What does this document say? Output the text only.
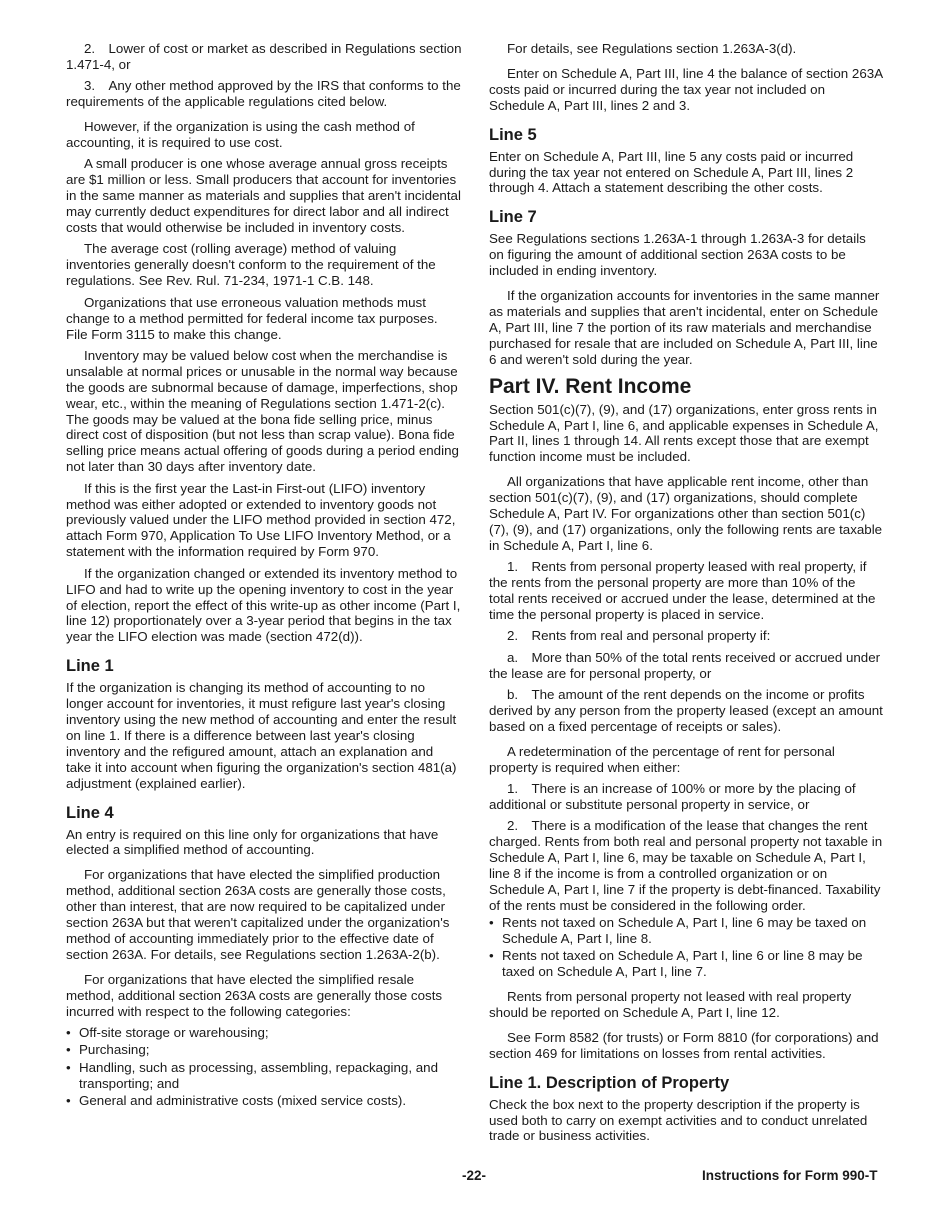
2. Lower of cost or market as described in Regulations section 1.471-4, or

3. Any other method approved by the IRS that conforms to the requirements of the applicable regulations cited below.

However, if the organization is using the cash method of accounting, it is required to use cost.

A small producer is one whose average annual gross receipts are $1 million or less. Small producers that account for inventories in the same manner as materials and supplies that aren't incidental may currently deduct expenditures for direct labor and all indirect costs that would otherwise be included in inventory costs.

The average cost (rolling average) method of valuing inventories generally doesn't conform to the requirement of the regulations. See Rev. Rul. 71-234, 1971-1 C.B. 148.

Organizations that use erroneous valuation methods must change to a method permitted for federal income tax purposes. File Form 3115 to make this change.

Inventory may be valued below cost when the merchandise is unsalable at normal prices or unusable in the normal way because the goods are subnormal because of damage, imperfections, shop wear, etc., within the meaning of Regulations section 1.471-2(c). The goods may be valued at the bona fide selling price, minus direct cost of disposition (but not less than scrap value). Bona fide selling price means actual offering of goods during a period ending not later than 30 days after inventory date.

If this is the first year the Last-in First-out (LIFO) inventory method was either adopted or extended to inventory goods not previously valued under the LIFO method provided in section 472, attach Form 970, Application To Use LIFO Inventory Method, or a statement with the information required by Form 970.

If the organization changed or extended its inventory method to LIFO and had to write up the opening inventory to cost in the year of election, report the effect of this write-up as other income (Part I, line 12) proportionately over a 3-year period that begins in the tax year the LIFO election was made (section 472(d)).

Line 1

If the organization is changing its method of accounting to no longer account for inventories, it must refigure last year's closing inventory using the new method of accounting and enter the result on line 1. If there is a difference between last year's closing inventory and the refigured amount, attach an explanation and take it into account when figuring the organization's section 481(a) adjustment (explained earlier).

Line 4

An entry is required on this line only for organizations that have elected a simplified method of accounting.

For organizations that have elected the simplified production method, additional section 263A costs are generally those costs, other than interest, that are now required to be capitalized under section 263A but that weren't capitalized under the organization's method of accounting immediately prior to the effective date of section 263A. For details, see Regulations section 1.263A-2(b).

For organizations that have elected the simplified resale method, additional section 263A costs are generally those costs incurred with respect to the following categories:

• Off-site storage or warehousing;
• Purchasing;
• Handling, such as processing, assembling, repackaging, and transporting; and
• General and administrative costs (mixed service costs).

For details, see Regulations section 1.263A-3(d).

Enter on Schedule A, Part III, line 4 the balance of section 263A costs paid or incurred during the tax year not included on Schedule A, Part III, lines 2 and 3.

Line 5

Enter on Schedule A, Part III, line 5 any costs paid or incurred during the tax year not entered on Schedule A, Part III, lines 2 through 4. Attach a statement describing the other costs.

Line 7

See Regulations sections 1.263A-1 through 1.263A-3 for details on figuring the amount of additional section 263A costs to be included in ending inventory.

If the organization accounts for inventories in the same manner as materials and supplies that aren't incidental, enter on Schedule A, Part III, line 7 the portion of its raw materials and merchandise purchased for resale that are included on Schedule A, Part III, line 6 and weren't sold during the year.

Part IV. Rent Income

Section 501(c)(7), (9), and (17) organizations, enter gross rents in Schedule A, Part I, line 6, and applicable expenses in Schedule A, Part II, lines 1 through 14. All rents except those that are exempt function income must be included.

All organizations that have applicable rent income, other than section 501(c)(7), (9), and (17) organizations, should complete Schedule A, Part IV. For organizations other than section 501(c) (7), (9), and (17) organizations, only the following rents are taxable in Schedule A, Part I, line 6.

1. Rents from personal property leased with real property, if the rents from the personal property are more than 10% of the total rents received or accrued under the lease, determined at the time the personal property is placed in service.

2. Rents from real and personal property if:

a. More than 50% of the total rents received or accrued under the lease are for personal property, or

b. The amount of the rent depends on the income or profits derived by any person from the property leased (except an amount based on a fixed percentage of receipts or sales).

A redetermination of the percentage of rent for personal property is required when either:

1. There is an increase of 100% or more by the placing of additional or substitute personal property in service, or

2. There is a modification of the lease that changes the rent charged. Rents from both real and personal property not taxable in Schedule A, Part I, line 6, may be taxable on Schedule A, Part I, line 8 if the income is from a controlled organization or on Schedule A, Part I, line 7 if the property is debt-financed. Taxability of the rents must be considered in the following order.

• Rents not taxed on Schedule A, Part I, line 6 may be taxed on Schedule A, Part I, line 8.
• Rents not taxed on Schedule A, Part I, line 6 or line 8 may be taxed on Schedule A, Part I, line 7.

Rents from personal property not leased with real property should be reported on Schedule A, Part I, line 12.

See Form 8582 (for trusts) or Form 8810 (for corporations) and section 469 for limitations on losses from rental activities.

Line 1. Description of Property

Check the box next to the property description if the property is used both to carry on exempt activities and to conduct unrelated trade or business activities.

-22-	Instructions for Form 990-T
